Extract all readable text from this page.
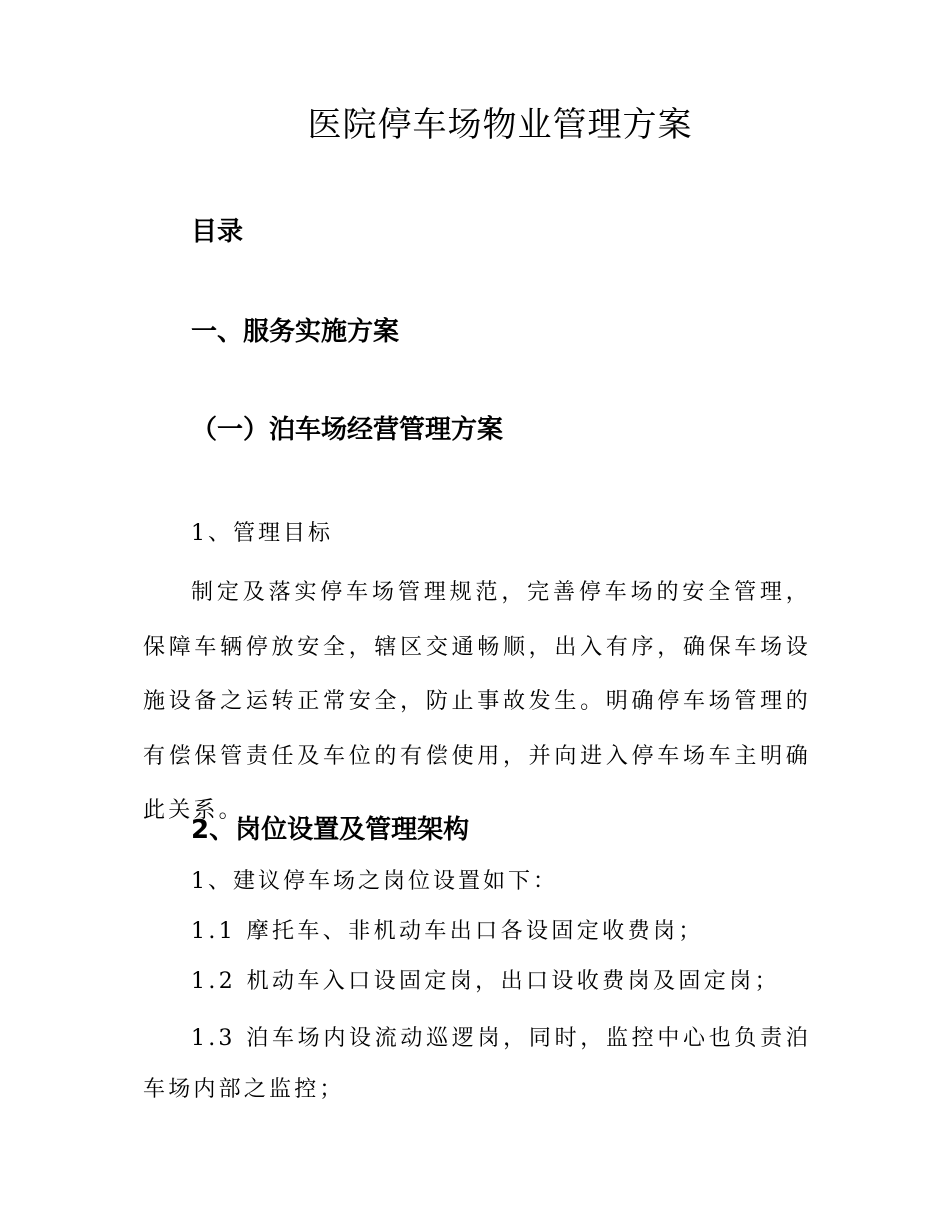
医院停车场物业管理方案
目录
一、服务实施方案
（一）泊车场经营管理方案
1、管理目标
制定及落实停车场管理规范，完善停车场的安全管理，保障车辆停放安全，辖区交通畅顺，出入有序，确保车场设施设备之运转正常安全，防止事故发生。明确停车场管理的有偿保管责任及车位的有偿使用，并向进入停车场车主明确此关系。
2、岗位设置及管理架构
1、建议停车场之岗位设置如下：
1.1 摩托车、非机动车出口各设固定收费岗；
1.2 机动车入口设固定岗，出口设收费岗及固定岗；
1.3 泊车场内设流动巡逻岗，同时，监控中心也负责泊车场内部之监控；
